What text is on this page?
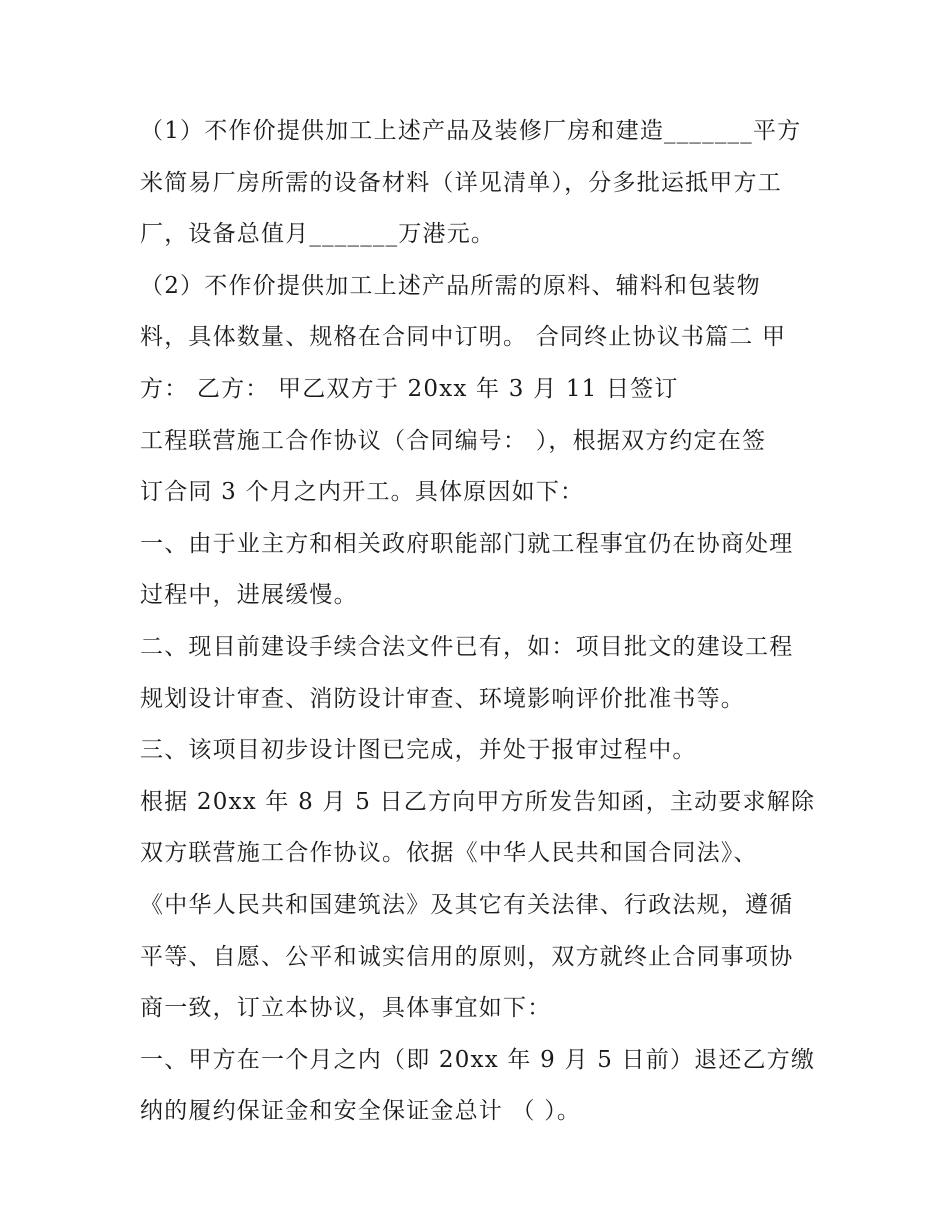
（1）不作价提供加工上述产品及装修厂房和建造_______平方
米简易厂房所需的设备材料（详见清单），分多批运抵甲方工
厂，设备总值月_______万港元。
（2）不作价提供加工上述产品所需的原料、辅料和包装物
料，具体数量、规格在合同中订明。 合同终止协议书篇二 甲
方： 乙方： 甲乙双方于 20xx 年 3 月 11 日签订
工程联营施工合作协议（合同编号： ），根据双方约定在签
订合同 3 个月之内开工。具体原因如下：
一、由于业主方和相关政府职能部门就工程事宜仍在协商处理
过程中，进展缓慢。
二、现目前建设手续合法文件已有，如：项目批文的建设工程
规划设计审查、消防设计审查、环境影响评价批准书等。
三、该项目初步设计图已完成，并处于报审过程中。
根据 20xx 年 8 月 5 日乙方向甲方所发告知函，主动要求解除
双方联营施工合作协议。依据《中华人民共和国合同法》、
《中华人民共和国建筑法》及其它有关法律、行政法规，遵循
平等、自愿、公平和诚实信用的原则，双方就终止合同事项协
商一致，订立本协议，具体事宜如下：
一、甲方在一个月之内（即 20xx 年 9 月 5 日前）退还乙方缴
纳的履约保证金和安全保证金总计 （ ）。
